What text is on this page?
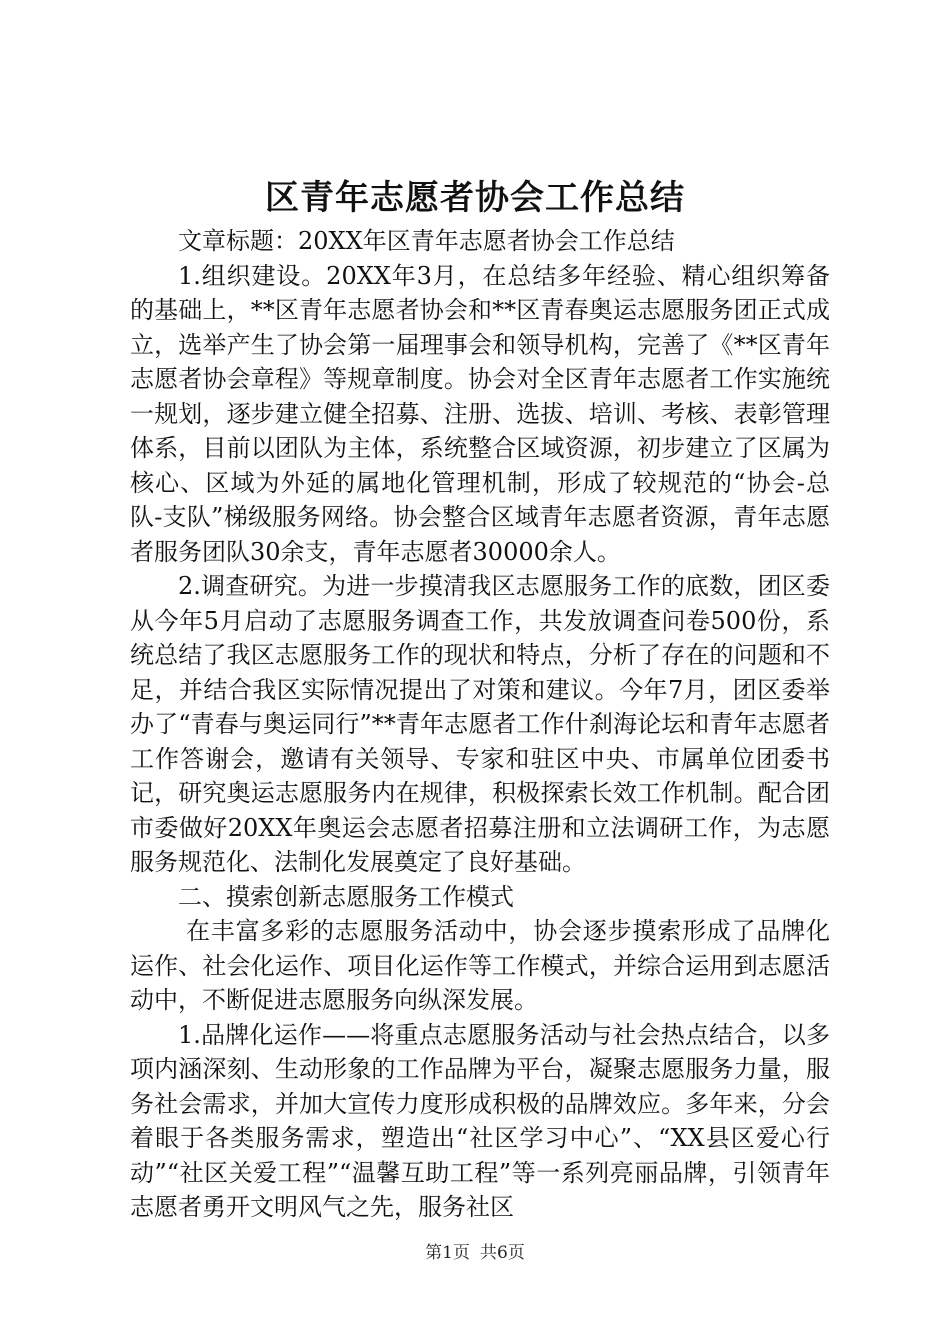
区青年志愿者协会工作总结

文章标题：20XX年区青年志愿者协会工作总结

1.组织建设。20XX年3月，在总结多年经验、精心组织筹备的基础上，**区青年志愿者协会和**区青春奥运志愿服务团正式成立，选举产生了协会第一届理事会和领导机构，完善了《**区青年志愿者协会章程》等规章制度。协会对全区青年志愿者工作实施统一规划，逐步建立健全招募、注册、选拔、培训、考核、表彰管理体系，目前以团队为主体，系统整合区域资源，初步建立了区属为核心、区域为外延的属地化管理机制，形成了较规范的“协会-总队-支队”梯级服务网络。协会整合区域青年志愿者资源，青年志愿者服务团队30余支，青年志愿者30000余人。

2.调查研究。为进一步摸清我区志愿服务工作的底数，团区委从今年5月启动了志愿服务调查工作，共发放调查问卷500份，系统总结了我区志愿服务工作的现状和特点，分析了存在的问题和不足，并结合我区实际情况提出了对策和建议。今年7月，团区委举办了“青春与奥运同行”**青年志愿者工作什刹海论坛和青年志愿者工作答谢会，邀请有关领导、专家和驻区中央、市属单位团委书记，研究奥运志愿服务内在规律，积极探索长效工作机制。配合团市委做好20XX年奥运会志愿者招募注册和立法调研工作，为志愿服务规范化、法制化发展奠定了良好基础。

二、摸索创新志愿服务工作模式

在丰富多彩的志愿服务活动中，协会逐步摸索形成了品牌化运作、社会化运作、项目化运作等工作模式，并综合运用到志愿活动中，不断促进志愿服务向纵深发展。

1.品牌化运作——将重点志愿服务活动与社会热点结合，以多项内涵深刻、生动形象的工作品牌为平台，凝聚志愿服务力量，服务社会需求，并加大宣传力度形成积极的品牌效应。多年来，分会着眼于各类服务需求，塑造出“社区学习中心”、“XX县区爱心行动”“社区关爱工程”“温馨互助工程”等一系列亮丽品牌，引领青年志愿者勇开文明风气之先，服务社区

第1页 共6页
